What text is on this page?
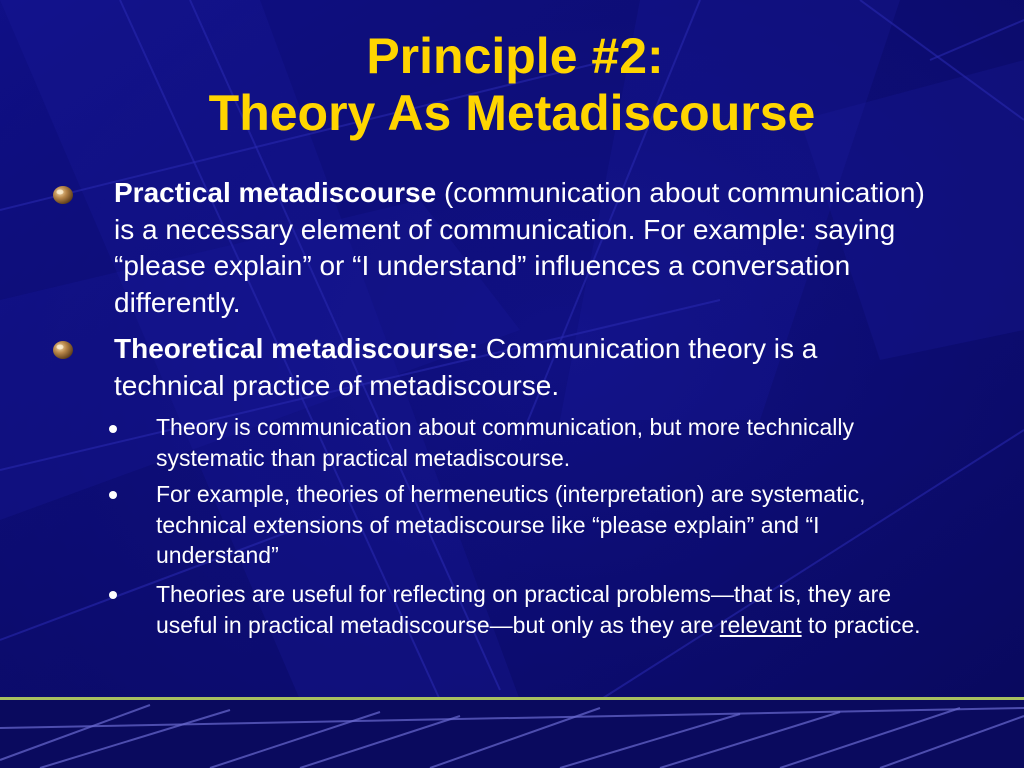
Principle #2:
Theory As Metadiscourse
Practical metadiscourse (communication about communication) is a necessary element of communication. For example: saying “please explain” or “I understand” influences a conversation differently.
Theoretical metadiscourse: Communication theory is a technical practice of metadiscourse.
Theory is communication about communication, but more technically systematic than practical metadiscourse.
For example, theories of hermeneutics (interpretation) are systematic, technical extensions of metadiscourse like “please explain” and “I understand”
Theories are useful for reflecting on practical problems—that is, they are useful in practical metadiscourse—but only as they are relevant to practice.
